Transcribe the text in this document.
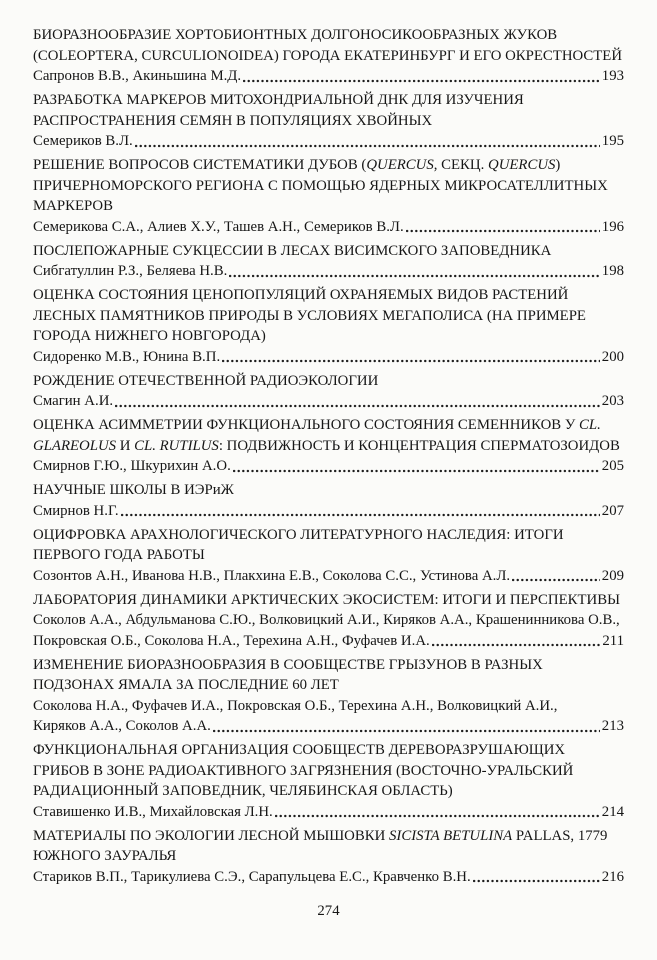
БИОРАЗНООБРАЗИЕ ХОРТОБИОНТНЫХ ДОЛГОНОСИКООБРАЗНЫХ ЖУКОВ
(COLEOPTERA, CURCULIONOIDEA) ГОРОДА ЕКАТЕРИНБУРГ И ЕГО ОКРЕСТНОСТЕЙ
Сапронов В.В., Акиньшина М.Д.	193
РАЗРАБОТКА МАРКЕРОВ МИТОХОНДРИАЛЬНОЙ ДНК ДЛЯ ИЗУЧЕНИЯ
РАСПРОСТРАНЕНИЯ СЕМЯН В ПОПУЛЯЦИЯХ ХВОЙНЫХ
Семериков В.Л.	195
РЕШЕНИЕ ВОПРОСОВ СИСТЕМАТИКИ ДУБОВ (QUERCUS, СЕКЦ. QUERCUS)
ПРИЧЕРНОМОРСКОГО РЕГИОНА С ПОМОЩЬЮ ЯДЕРНЫХ МИКРОСАТЕЛЛИТНЫХ
МАРКЕРОВ
Семерикова С.А., Алиев Х.У., Ташев А.Н., Семериков В.Л.	196
ПОСЛЕПОЖАРНЫЕ СУКЦЕССИИ В ЛЕСАХ ВИСИМСКОГО ЗАПОВЕДНИКА
Сибгатуллин Р.З., Беляева Н.В.	198
ОЦЕНКА СОСТОЯНИЯ ЦЕНОПОПУЛЯЦИЙ ОХРАНЯЕМЫХ ВИДОВ РАСТЕНИЙ
ЛЕСНЫХ ПАМЯТНИКОВ ПРИРОДЫ В УСЛОВИЯХ МЕГАПОЛИСА (НА ПРИМЕРЕ
ГОРОДА НИЖНЕГО НОВГОРОДА)
Сидоренко М.В., Юнина В.П.	200
РОЖДЕНИЕ ОТЕЧЕСТВЕННОЙ РАДИОЭКОЛОГИИ
Смагин А.И.	203
ОЦЕНКА АСИММЕТРИИ ФУНКЦИОНАЛЬНОГО СОСТОЯНИЯ СЕМЕННИКОВ У CL.
GLAREOLUS И CL. RUTILUS: ПОДВИЖНОСТЬ И КОНЦЕНТРАЦИЯ СПЕРМАТОЗОИДОВ
Смирнов Г.Ю., Шкурихин А.О.	205
НАУЧНЫЕ ШКОЛЫ В ИЭРиЖ
Смирнов Н.Г.	207
ОЦИФРОВКА АРАХНОЛОГИЧЕСКОГО ЛИТЕРАТУРНОГО НАСЛЕДИЯ: ИТОГИ
ПЕРВОГО ГОДА РАБОТЫ
Созонтов А.Н., Иванова Н.В., Плакхина Е.В., Соколова С.С., Устинова А.Л.	209
ЛАБОРАТОРИЯ ДИНАМИКИ АРКТИЧЕСКИХ ЭКОСИСТЕМ: ИТОГИ И ПЕРСПЕКТИВЫ
Соколов А.А., Абдульманова С.Ю., Волковицкий А.И., Киряков А.А., Крашенинникова О.В.,
Покровская О.Б., Соколова Н.А., Терехина А.Н., Фуфачев И.А.	211
ИЗМЕНЕНИЕ БИОРАЗНООБРАЗИЯ В СООБЩЕСТВЕ ГРЫЗУНОВ В РАЗНЫХ
ПОДЗОНАХ ЯМАЛА ЗА ПОСЛЕДНИЕ 60 ЛЕТ
Соколова Н.А., Фуфачев И.А., Покровская О.Б., Терехина А.Н., Волковицкий А.И.,
Киряков А.А., Соколов А.А.	213
ФУНКЦИОНАЛЬНАЯ ОРГАНИЗАЦИЯ СООБЩЕСТВ ДЕРЕВОРАЗРУШАЮЩИХ
ГРИБОВ В ЗОНЕ РАДИОАКТИВНОГО ЗАГРЯЗНЕНИЯ (ВОСТОЧНО-УРАЛЬСКИЙ
РАДИАЦИОННЫЙ ЗАПОВЕДНИК, ЧЕЛЯБИНСКАЯ ОБЛАСТЬ)
Ставишенко И.В., Михайловская Л.Н.	214
МАТЕРИАЛЫ ПО ЭКОЛОГИИ ЛЕСНОЙ МЫШОВКИ SICISTA BETULINA PALLAS, 1779
ЮЖНОГО ЗАУРАЛЬЯ
Стариков В.П., Тарикулиева С.Э., Сарапульцева Е.С., Кравченко В.Н.	216
274
